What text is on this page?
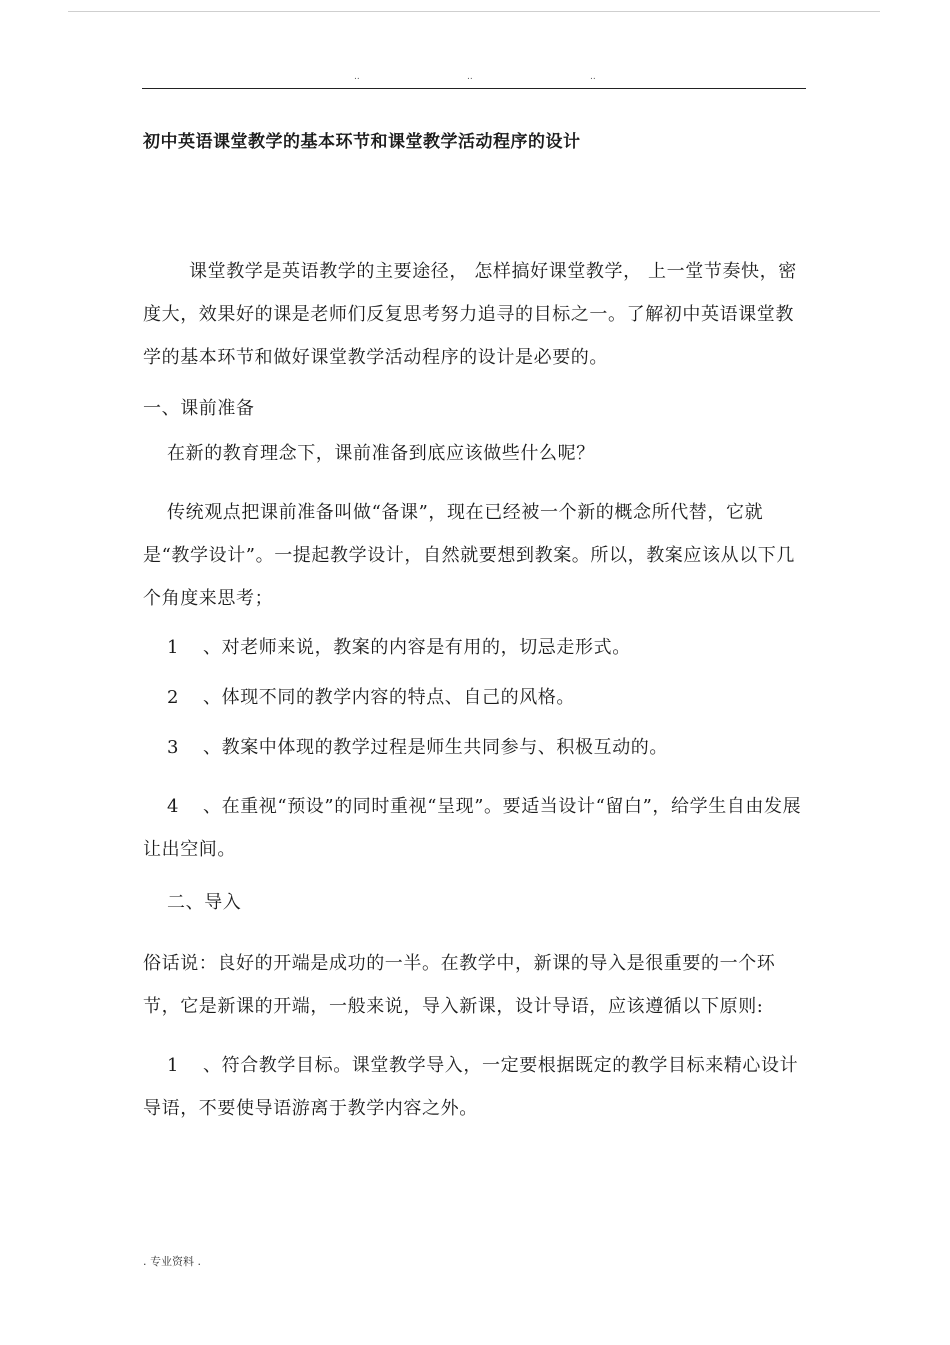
..	..	..
初中英语课堂教学的基本环节和课堂教学活动程序的设计

课堂教学是英语教学的主要途径， 怎样搞好课堂教学， 上一堂节奏快，密度大，效果好的课是老师们反复思考努力追寻的目标之一。了解初中英语课堂教学的基本环节和做好课堂教学活动程序的设计是必要的。

一、课前准备

在新的教育理念下，课前准备到底应该做些什么呢？

传统观点把课前准备叫做“备课”，现在已经被一个新的概念所代替，它就是“教学设计”。一提起教学设计，自然就要想到教案。所以，教案应该从以下几个角度来思考；

1 、对老师来说，教案的内容是有用的，切忌走形式。

2 、体现不同的教学内容的特点、自己的风格。

3 、教案中体现的教学过程是师生共同参与、积极互动的。

4 、在重视“预设”的同时重视“呈现”。要适当设计“留白”，给学生自由发展让出空间。

二、导入

俗话说：良好的开端是成功的一半。在教学中，新课的导入是很重要的一个环节，它是新课的开端，一般来说，导入新课，设计导语，应该遵循以下原则:

1 、符合教学目标。课堂教学导入，一定要根据既定的教学目标来精心设计导语，不要使导语游离于教学内容之外。

. 专业资料 .
